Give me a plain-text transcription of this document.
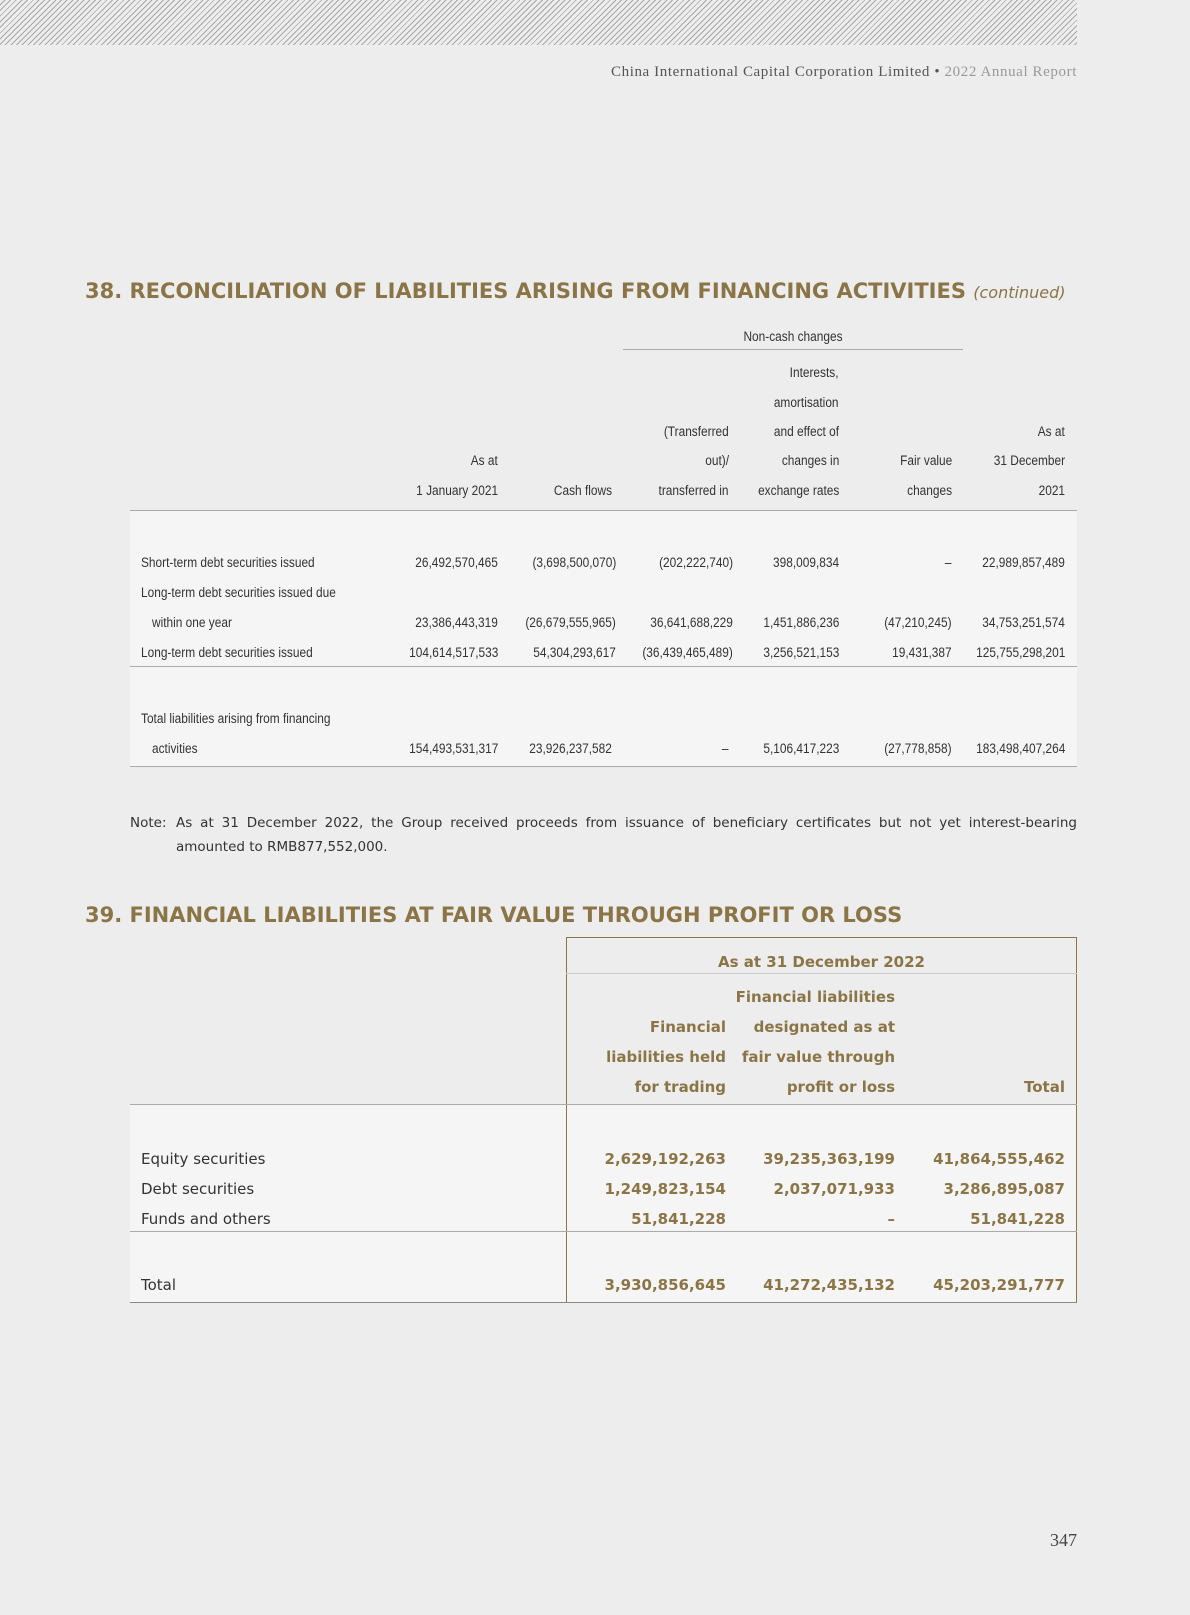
China International Capital Corporation Limited • 2022 Annual Report
38. RECONCILIATION OF LIABILITIES ARISING FROM FINANCING ACTIVITIES (continued)
Non-cash changes
As at
1 January 2021	Cash flows
(Transferred
out)/
transferred in
Interests,
amortisation
and effect of
changes in
exchange rates
Fair value
changes
As at
31 December
2021
Short-term debt securities issued	26,492,570,465	(3,698,500,070)	(202,222,740)	398,009,834	– 22,989,857,489
Long-term debt securities issued due
within one year	23,386,443,319 (26,679,555,965)	36,641,688,229 1,451,886,236	(47,210,245) 34,753,251,574
Long-term debt securities issued	104,614,517,533	54,304,293,617 (36,439,465,489) 3,256,521,153	19,431,387 125,755,298,201
Total liabilities arising from financing
activities	154,493,531,317 23,926,237,582	–	5,106,417,223	(27,778,858) 183,498,407,264
Note: As at 31 December 2022, the Group received proceeds from issuance of beneficiary certificates but not yet interest-bearing amounted to RMB877,552,000.
39. FINANCIAL LIABILITIES AT FAIR VALUE THROUGH PROFIT OR LOSS
As at 31 December 2022
Financial
liabilities held
for trading
Financial liabilities
designated as at
fair value through
profit or loss	Total
Equity securities	2,629,192,263 39,235,363,199	41,864,555,462
Debt securities	1,249,823,154	2,037,071,933	3,286,895,087
Funds and others	51,841,228	–	51,841,228
Total	3,930,856,645 41,272,435,132	45,203,291,777
347
